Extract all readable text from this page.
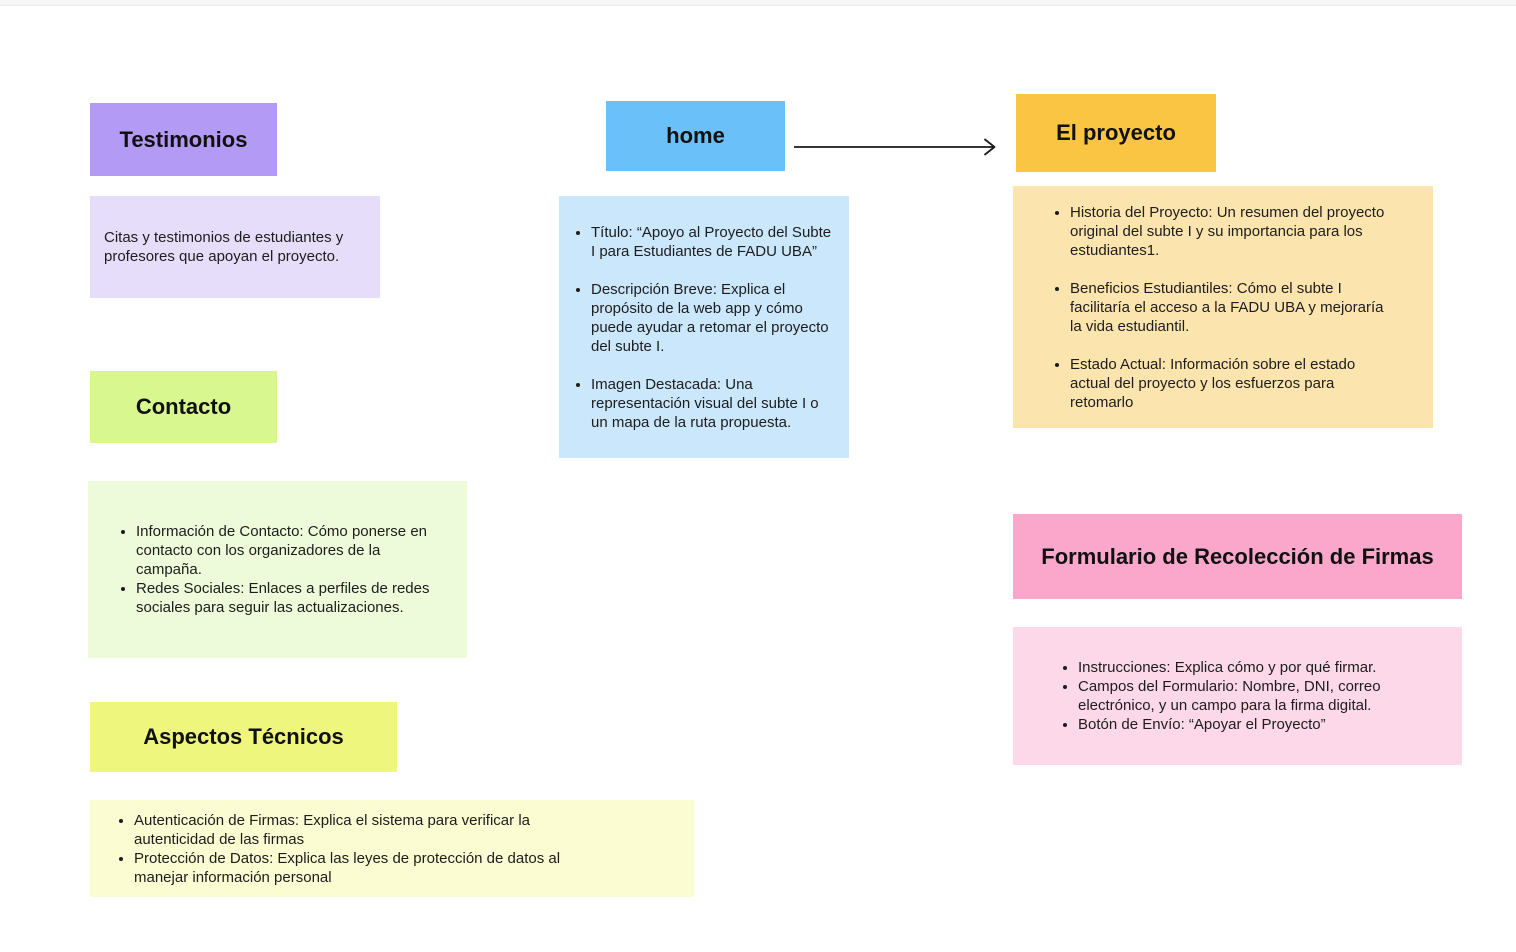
Testimonios
Citas y testimonios de estudiantes y profesores que apoyan el proyecto.
Contacto
• Información de Contacto: Cómo ponerse en contacto con los organizadores de la campaña.
• Redes Sociales: Enlaces a perfiles de redes sociales para seguir las actualizaciones.
Aspectos Técnicos
• Autenticación de Firmas: Explica el sistema para verificar la autenticidad de las firmas
• Protección de Datos: Explica las leyes de protección de datos al manejar información personal
home
• Título: “Apoyo al Proyecto del Subte I para Estudiantes de FADU UBA”
• Descripción Breve: Explica el propósito de la web app y cómo puede ayudar a retomar el proyecto del subte I.
• Imagen Destacada: Una representación visual del subte I o un mapa de la ruta propuesta.
El proyecto
• Historia del Proyecto: Un resumen del proyecto original del subte I y su importancia para los estudiantes1.
• Beneficios Estudiantiles: Cómo el subte I facilitaría el acceso a la FADU UBA y mejoraría la vida estudiantil.
• Estado Actual: Información sobre el estado actual del proyecto y los esfuerzos para retomarlo
Formulario de Recolección de Firmas
• Instrucciones: Explica cómo y por qué firmar.
• Campos del Formulario: Nombre, DNI, correo electrónico, y un campo para la firma digital.
• Botón de Envío: “Apoyar el Proyecto”
